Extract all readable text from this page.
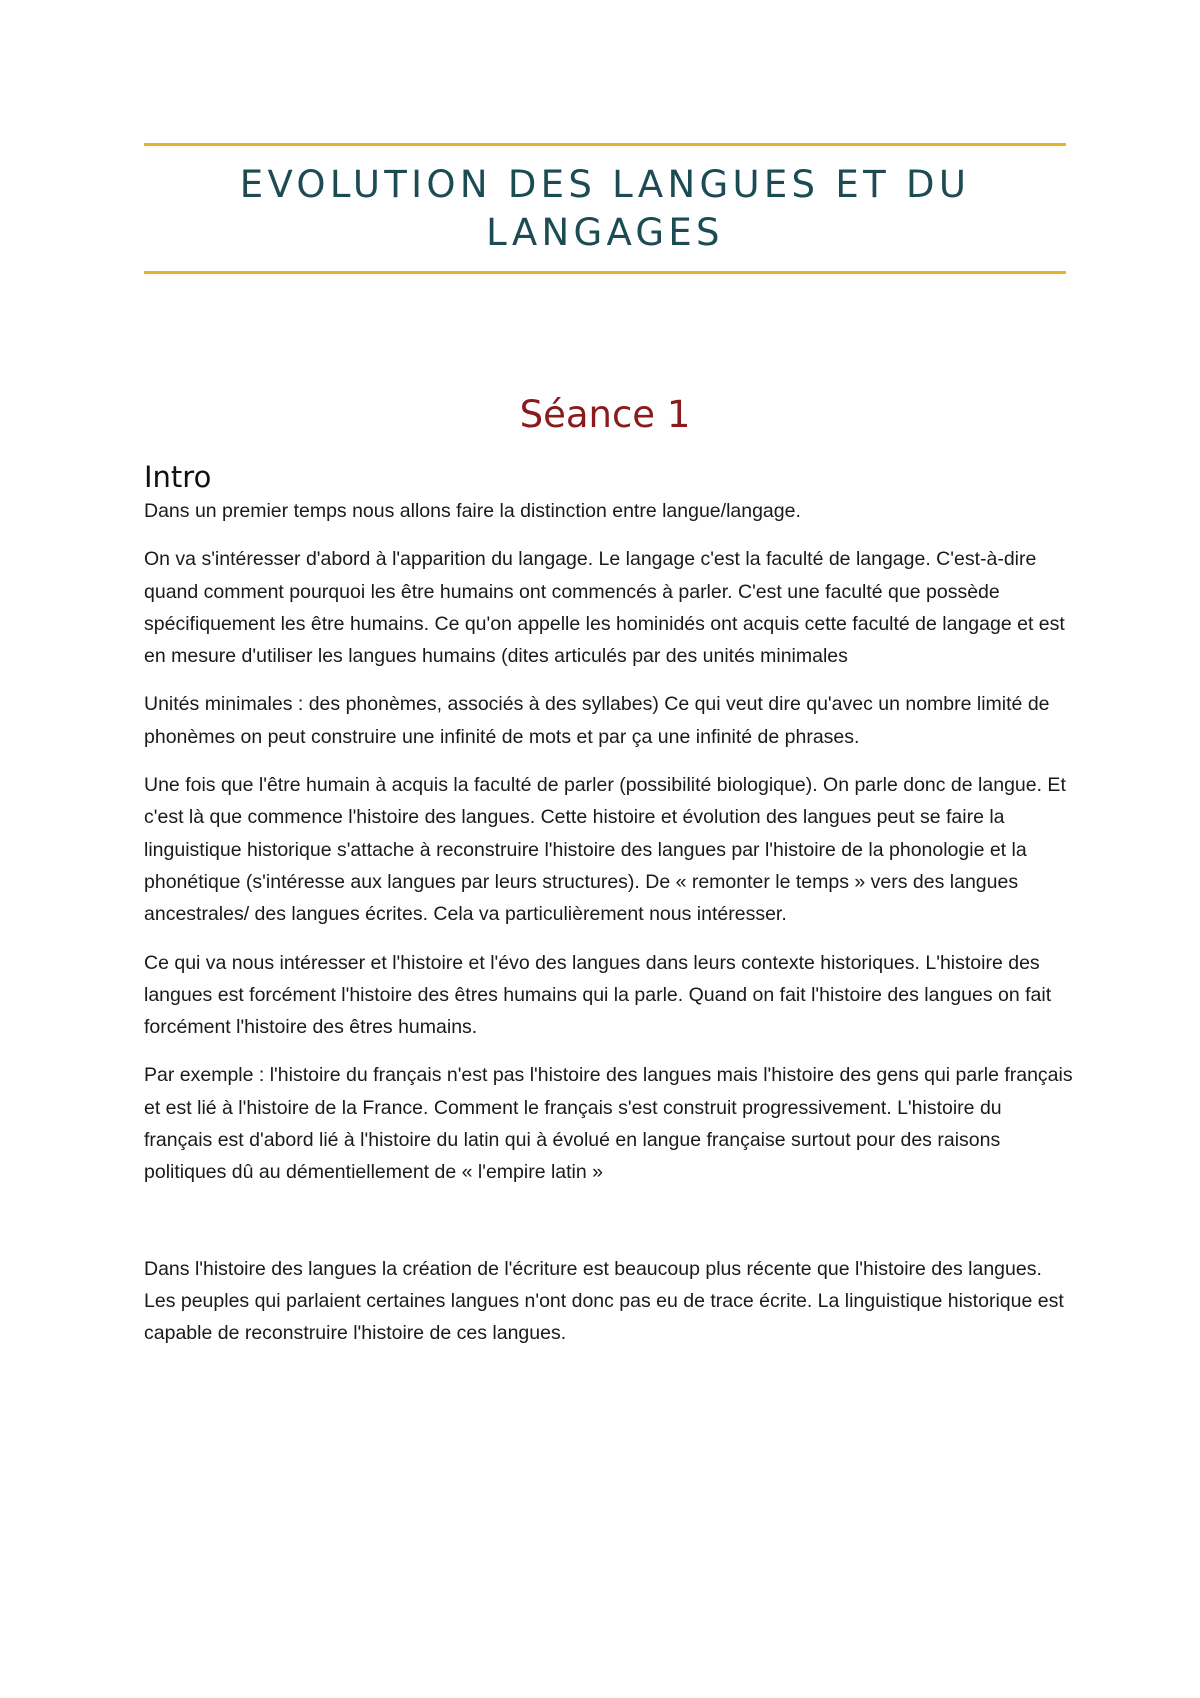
EVOLUTION DES LANGUES ET DU LANGAGES
Séance 1
Intro

Dans un premier temps nous allons faire la distinction entre langue/langage.

On va s'intéresser d'abord à l'apparition du langage. Le langage c'est la faculté de langage. C'est-à-dire quand comment pourquoi les être humains ont commencés à parler. C'est une faculté que possède spécifiquement les être humains. Ce qu'on appelle les hominidés ont acquis cette faculté de langage et est en mesure d'utiliser les langues humains (dites articulés par des unités minimales

Unités minimales : des phonèmes, associés à des syllabes) Ce qui veut dire qu'avec un nombre limité de phonèmes on peut construire une infinité de mots et par ça une infinité de phrases.

Une fois que l'être humain à acquis la faculté de parler (possibilité biologique). On parle donc de langue. Et c'est là que commence l'histoire des langues. Cette histoire et évolution des langues peut se faire la linguistique historique s'attache à reconstruire l'histoire des langues par l'histoire de la phonologie et la phonétique (s'intéresse aux langues par leurs structures). De « remonter le temps » vers des langues ancestrales/ des langues écrites. Cela va particulièrement nous intéresser.

Ce qui va nous intéresser et l'histoire et l'évo des langues dans leurs contexte historiques. L'histoire des langues est forcément l'histoire des êtres humains qui la parle. Quand on fait l'histoire des langues on fait forcément l'histoire des êtres humains.

Par exemple : l'histoire du français n'est pas l'histoire des langues mais l'histoire des gens qui parle français et est lié à l'histoire de la France. Comment le français s'est construit progressivement. L'histoire du français est d'abord lié à l'histoire du latin qui à évolué en langue française surtout pour des raisons politiques dû au démentiellement de « l'empire latin »

Dans l'histoire des langues la création de l'écriture est beaucoup plus récente que l'histoire des langues. Les peuples qui parlaient certaines langues n'ont donc pas eu de trace écrite. La linguistique historique est capable de reconstruire l'histoire de ces langues.
